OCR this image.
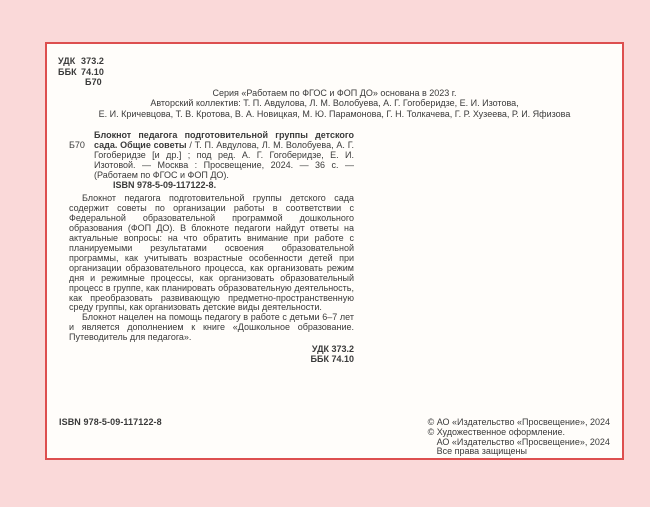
УДК 373.2
ББК 74.10
Б70
Серия «Работаем по ФГОС и ФОП ДО» основана в 2023 г.
Авторский коллектив: Т. П. Авдулова, Л. М. Волобуева, А. Г. Гогоберидзе, Е. И. Изотова,
Е. И. Кричевцова, Т. В. Кротова, В. А. Новицкая, М. Ю. Парамонова, Г. Н. Толкачева, Г. Р. Хузеева, Р. И. Яфизова

Б70
Блокнот педагога подготовительной группы детского сада. Общие советы / Т. П. Авдулова, Л. М. Волобуева, А. Г. Гогоберидзе [и др.] ; под ред. А. Г. Гогоберидзе, Е. И. Изотовой. — Москва : Просвещение, 2024. — 36 с. — (Работаем по ФГОС и ФОП ДО).

ISBN 978-5-09-117122-8.

Блокнот педагога подготовительной группы детского сада содержит советы по организации работы в соответствии с Федеральной образовательной программой дошкольного образования (ФОП ДО). В блокноте педагоги найдут ответы на актуальные вопросы: на что обратить внимание при работе с планируемыми результатами освоения образовательной программы, как учитывать возрастные особенности детей при организации образовательного процесса, как организовать режим дня и режимные процессы, как организовать образовательный процесс в группе, как планировать образовательную деятельность, как преобразовать развивающую предметно-пространственную среду группы, как организовать детские виды деятельности.

Блокнот нацелен на помощь педагогу в работе с детьми 6–7 лет и является дополнением к книге «Дошкольное образование. Путеводитель для педагога».

УДК 373.2
ББК 74.10
ISBN 978-5-09-117122-8	© АО «Издательство «Просвещение», 2024
© Художественное оформление.
АО «Издательство «Просвещение», 2024
Все права защищены
